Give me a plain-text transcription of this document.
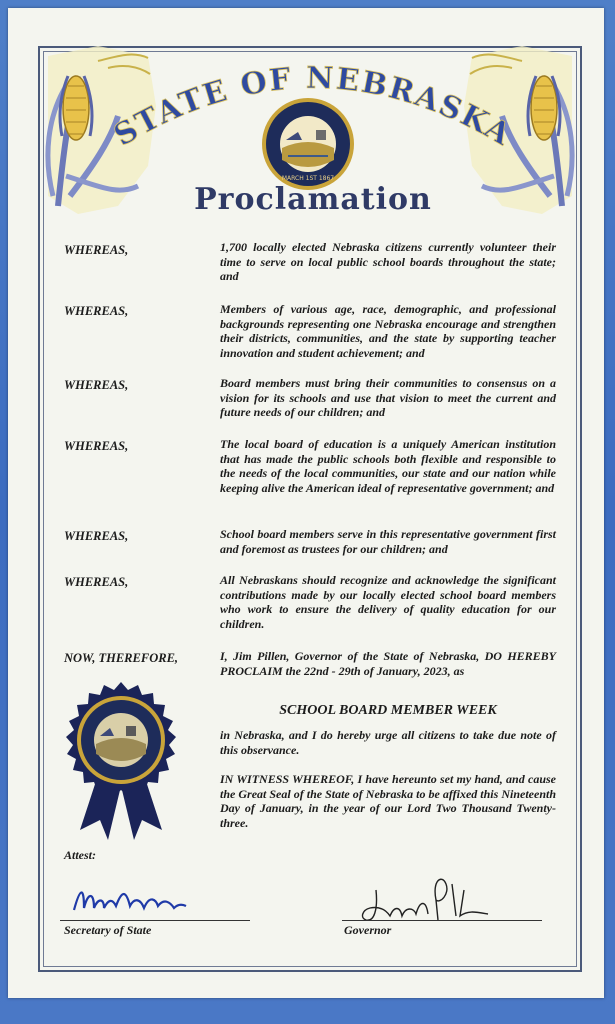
STATE OF NEBRASKA
MARCH 1ST 1867
Proclamation
WHEREAS,	1,700 locally elected Nebraska citizens currently volunteer their time to serve on local public school boards throughout the state; and
WHEREAS,	Members of various age, race, demographic, and professional backgrounds representing one Nebraska encourage and strengthen their districts, communities, and the state by supporting teacher innovation and student achievement; and
WHEREAS,	Board members must bring their communities to consensus on a vision for its schools and use that vision to meet the current and future needs of our children; and
WHEREAS,	The local board of education is a uniquely American institution that has made the public schools both flexible and responsible to the needs of the local communities, our state and our nation while keeping alive the American ideal of representative government; and
WHEREAS,	School board members serve in this representative government first and foremost as trustees for our children; and
WHEREAS,	All Nebraskans should recognize and acknowledge the significant contributions made by our locally elected school board members who work to ensure the delivery of quality education for our children.
NOW, THEREFORE,	I, Jim Pillen, Governor of the State of Nebraska, DO HEREBY PROCLAIM the 22nd - 29th of January, 2023, as
SCHOOL BOARD MEMBER WEEK
in Nebraska, and I do hereby urge all citizens to take due note of this observance.
IN WITNESS WHEREOF, I have hereunto set my hand, and cause the Great Seal of the State of Nebraska to be affixed this Nineteenth Day of January, in the year of our Lord Two Thousand Twenty-three.
Attest:
Secretary of State	Governor
